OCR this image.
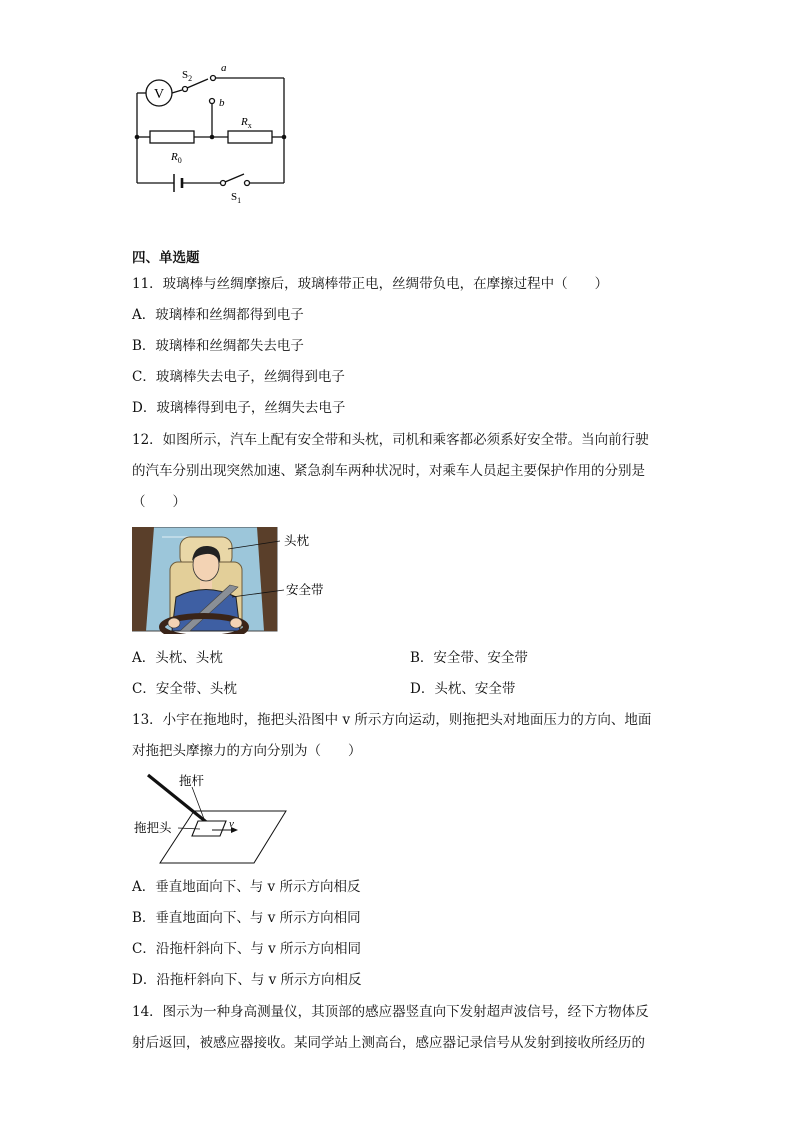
V
$S_2$
a
b
$R_x$
$R_0$
$S_1$
四、单选题
11．玻璃棒与丝绸摩擦后，玻璃棒带正电，丝绸带负电，在摩擦过程中（　　）
A．玻璃棒和丝绸都得到电子
B．玻璃棒和丝绸都失去电子
C．玻璃棒失去电子，丝绸得到电子
D．玻璃棒得到电子，丝绸失去电子
12．如图所示，汽车上配有安全带和头枕，司机和乘客都必须系好安全带。当向前行驶
的汽车分别出现突然加速、紧急刹车两种状况时，对乘车人员起主要保护作用的分别是
（　　）
头枕
安全带
A．头枕、头枕	B．安全带、安全带
C．安全带、头枕	D．头枕、安全带
13．小宇在拖地时，拖把头沿图中 v 所示方向运动，则拖把头对地面压力的方向、地面
对拖把头摩擦力的方向分别为（　　）
v
拖杆
拖把头
A．垂直地面向下、与 v 所示方向相反
B．垂直地面向下、与 v 所示方向相同
C．沿拖杆斜向下、与 v 所示方向相同
D．沿拖杆斜向下、与 v 所示方向相反
14．图示为一种身高测量仪，其顶部的感应器竖直向下发射超声波信号，经下方物体反
射后返回，被感应器接收。某同学站上测高台，感应器记录信号从发射到接收所经历的
